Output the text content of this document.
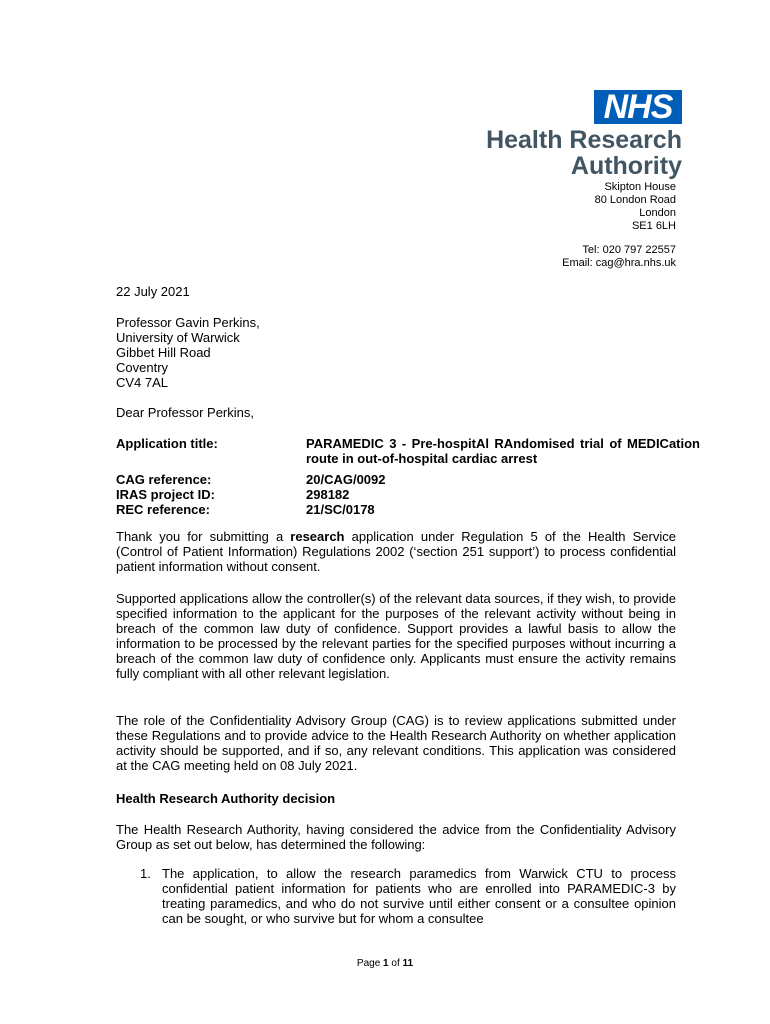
NHS
Health Research
Authority
Skipton House
80 London Road
London
SE1 6LH
Tel: 020 797 22557
Email: cag@hra.nhs.uk
22 July 2021
Professor Gavin Perkins,
University of Warwick
Gibbet Hill Road
Coventry
CV4 7AL
Dear Professor Perkins,
Application title:	PARAMEDIC 3 - Pre-hospitAl RAndomised trial of MEDICation route in out-of-hospital cardiac arrest
CAG reference:	20/CAG/0092
IRAS project ID:	298182
REC reference:	21/SC/0178
Thank you for submitting a research application under Regulation 5 of the Health Service (Control of Patient Information) Regulations 2002 (‘section 251 support’) to process confidential patient information without consent.
Supported applications allow the controller(s) of the relevant data sources, if they wish, to provide specified information to the applicant for the purposes of the relevant activity without being in breach of the common law duty of confidence. Support provides a lawful basis to allow the information to be processed by the relevant parties for the specified purposes without incurring a breach of the common law duty of confidence only. Applicants must ensure the activity remains fully compliant with all other relevant legislation.
The role of the Confidentiality Advisory Group (CAG) is to review applications submitted under these Regulations and to provide advice to the Health Research Authority on whether application activity should be supported, and if so, any relevant conditions. This application was considered at the CAG meeting held on 08 July 2021.
Health Research Authority decision
The Health Research Authority, having considered the advice from the Confidentiality Advisory Group as set out below, has determined the following:
1. The application, to allow the research paramedics from Warwick CTU to process confidential patient information for patients who are enrolled into PARAMEDIC-3 by treating paramedics, and who do not survive until either consent or a consultee opinion can be sought, or who survive but for whom a consultee
Page 1 of 11
